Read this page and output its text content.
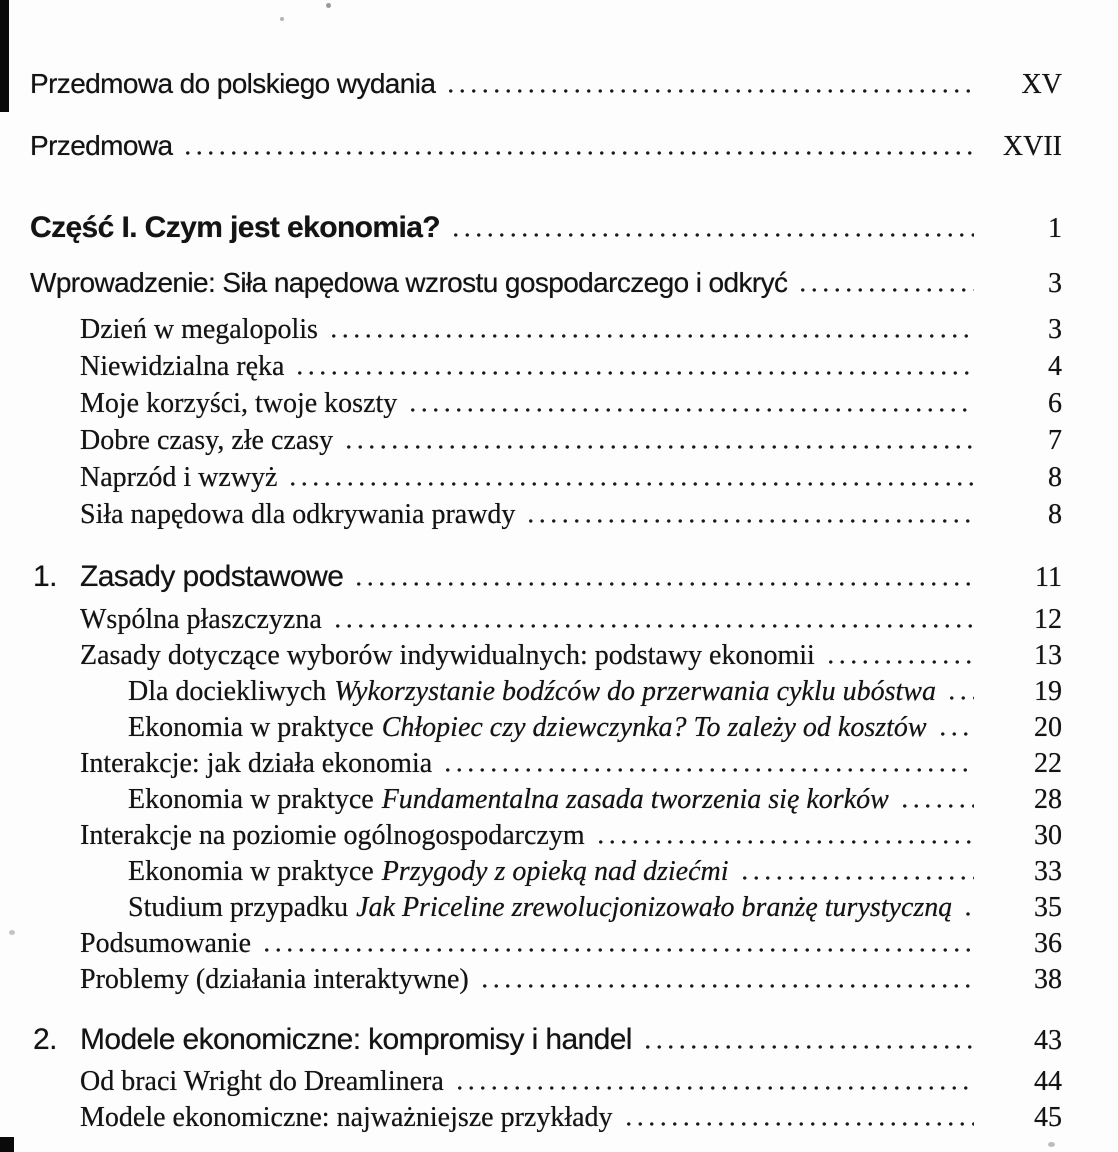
Przedmowa do polskiego wydania	XV
Przedmowa	XVII
Część I. Czym jest ekonomia?	1
Wprowadzenie: Siła napędowa wzrostu gospodarczego i odkryć	3
Dzień w megalopolis	3
Niewidzialna ręka	4
Moje korzyści, twoje koszty	6
Dobre czasy, złe czasy	7
Naprzód i wzwyż	8
Siła napędowa dla odkrywania prawdy	8
1. Zasady podstawowe	11
Wspólna płaszczyzna	12
Zasady dotyczące wyborów indywidualnych: podstawy ekonomii	13
Dla dociekliwych Wykorzystanie bodźców do przerwania cyklu ubóstwa	19
Ekonomia w praktyce Chłopiec czy dziewczynka? To zależy od kosztów	20
Interakcje: jak działa ekonomia	22
Ekonomia w praktyce Fundamentalna zasada tworzenia się korków	28
Interakcje na poziomie ogólnogospodarczym	30
Ekonomia w praktyce Przygody z opieką nad dziećmi	33
Studium przypadku Jak Priceline zrewolucjonizowało branżę turystyczną	35
Podsumowanie	36
Problemy (działania interaktywne)	38
2. Modele ekonomiczne: kompromisy i handel	43
Od braci Wright do Dreamlinera	44
Modele ekonomiczne: najważniejsze przykłady	45
